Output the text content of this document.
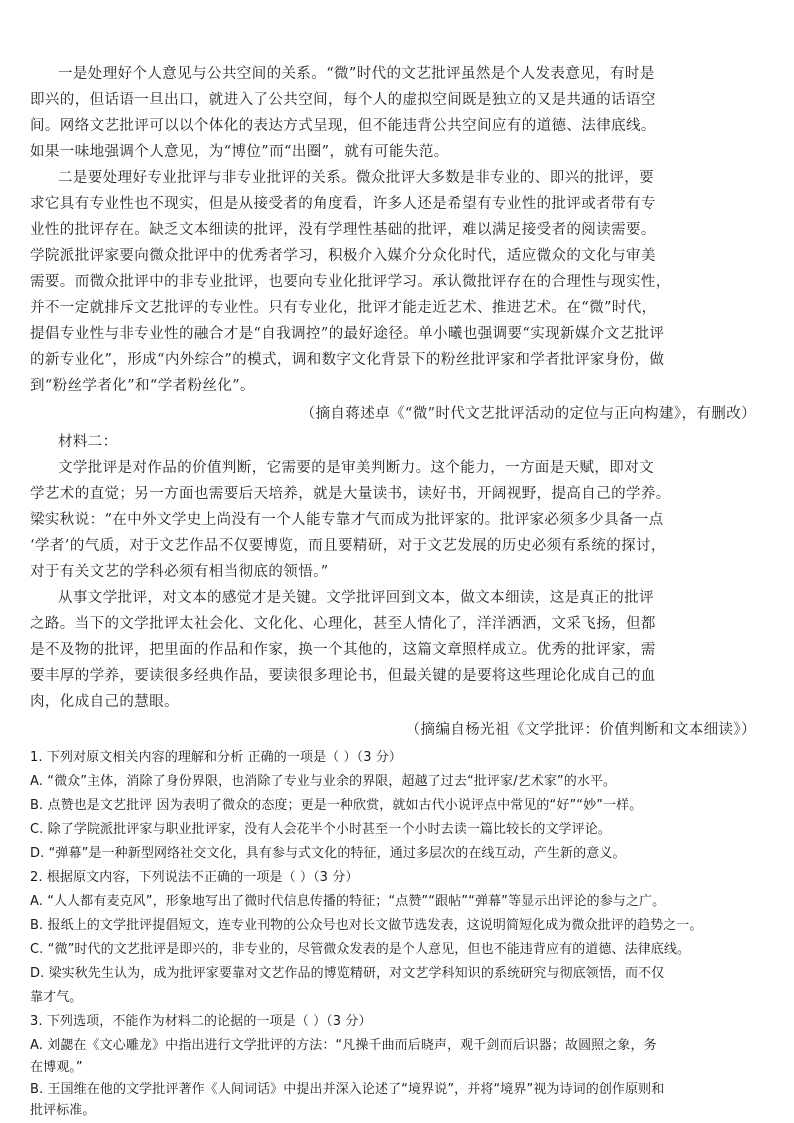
一是处理好个人意见与公共空间的关系。“微”时代的文艺批评虽然是个人发表意见，有时是
即兴的，但话语一旦出口，就进入了公共空间，每个人的虚拟空间既是独立的又是共通的话语空
间。网络文艺批评可以以个体化的表达方式呈现，但不能违背公共空间应有的道德、法律底线。
如果一味地强调个人意见，为“博位”而“出圈”，就有可能失范。
二是要处理好专业批评与非专业批评的关系。微众批评大多数是非专业的、即兴的批评，要
求它具有专业性也不现实，但是从接受者的角度看，许多人还是希望有专业性的批评或者带有专
业性的批评存在。缺乏文本细读的批评，没有学理性基础的批评，难以满足接受者的阅读需要。
学院派批评家要向微众批评中的优秀者学习，积极介入媒介分众化时代，适应微众的文化与审美
需要。而微众批评中的非专业批评，也要向专业化批评学习。承认微批评存在的合理性与现实性，
并不一定就排斥文艺批评的专业性。只有专业化，批评才能走近艺术、推进艺术。在“微”时代，
提倡专业性与非专业性的融合才是“自我调控”的最好途径。单小曦也强调要“实现新媒介文艺批评
的新专业化”，形成“内外综合”的模式，调和数字文化背景下的粉丝批评家和学者批评家身份，做
到“粉丝学者化”和“学者粉丝化”。
（摘自蒋述卓《“微”时代文艺批评活动的定位与正向构建》，有删改）
材料二：
文学批评是对作品的价值判断，它需要的是审美判断力。这个能力，一方面是天赋，即对文
学艺术的直觉；另一方面也需要后天培养，就是大量读书，读好书，开阔视野，提高自己的学养。
梁实秋说：“在中外文学史上尚没有一个人能专靠才气而成为批评家的。批评家必须多少具备一点
‘学者’的气质，对于文艺作品不仅要博览，而且要精研，对于文艺发展的历史必须有系统的探讨，
对于有关文艺的学科必须有相当彻底的领悟。”
从事文学批评，对文本的感觉才是关键。文学批评回到文本，做文本细读，这是真正的批评
之路。当下的文学批评太社会化、文化化、心理化，甚至人情化了，洋洋洒洒，文采飞扬，但都
是不及物的批评，把里面的作品和作家，换一个其他的，这篇文章照样成立。优秀的批评家，需
要丰厚的学养，要读很多经典作品，要读很多理论书，但最关键的是要将这些理论化成自己的血
肉，化成自己的慧眼。
（摘编自杨光祖《文学批评：价值判断和文本细读》）
1. 下列对原文相关内容的理解和分析 正确的一项是（ ）（3 分）
A. “微众”主体，消除了身份界限，也消除了专业与业余的界限，超越了过去“批评家/艺术家”的水平。
B. 点赞也是文艺批评 因为表明了微众的态度；更是一种欣赏，就如古代小说评点中常见的“好”“妙”一样。
C. 除了学院派批评家与职业批评家，没有人会花半个小时甚至一个小时去读一篇比较长的文学评论。
D. “弹幕”是一种新型网络社交文化，具有参与式文化的特征，通过多层次的在线互动，产生新的意义。
2. 根据原文内容，下列说法不正确的一项是（ ）（3 分）
A. “人人都有麦克风”，形象地写出了微时代信息传播的特征；“点赞”“跟帖”“弹幕”等显示出评论的参与之广。
B. 报纸上的文学批评提倡短文，连专业刊物的公众号也对长文做节选发表，这说明简短化成为微众批评的趋势之一。
C. “微”时代的文艺批评是即兴的，非专业的，尽管微众发表的是个人意见，但也不能违背应有的道德、法律底线。
D. 梁实秋先生认为，成为批评家要靠对文艺作品的博览精研，对文艺学科知识的系统研究与彻底领悟，而不仅
靠才气。
3. 下列选项，不能作为材料二的论据的一项是（ ）（3 分）
A. 刘勰在《文心雕龙》中指出进行文学批评的方法：“凡操千曲而后晓声，观千剑而后识器；故圆照之象，务
在博观。”
B. 王国维在他的文学批评著作《人间词话》中提出并深入论述了“境界说”，并将“境界”视为诗词的创作原则和
批评标准。
